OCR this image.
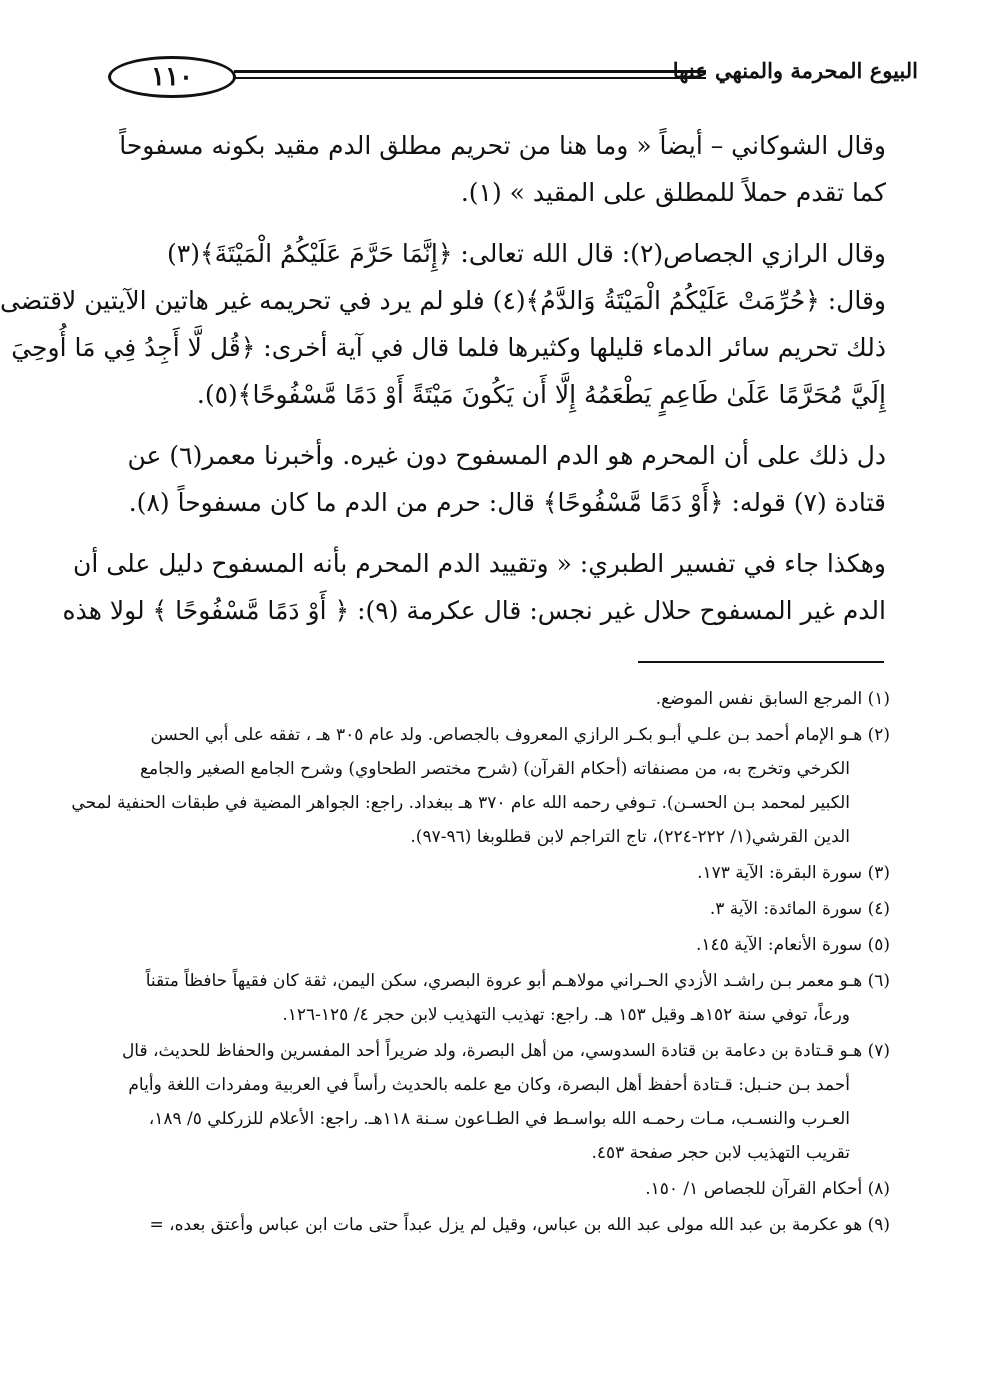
١١٠	البيوع المحرمة والمنهي عنها

وقال الشوكاني – أيضاً « وما هنا من تحريم مطلق الدم مقيد بكونه مسفوحاً
كما تقدم حملاً للمطلق على المقيد » (١).

وقال الرازي الجصاص(٢): قال الله تعالى: ﴿إِنَّمَا حَرَّمَ عَلَيْكُمُ الْمَيْتَةَ﴾(٣)
وقال: ﴿حُرِّمَتْ عَلَيْكُمُ الْمَيْتَةُ وَالدَّمُ﴾(٤) فلو لم يرد في تحريمه غير هاتين الآيتين لاقتضى
ذلك تحريم سائر الدماء قليلها وكثيرها فلما قال في آية أخرى: ﴿قُل لَّا أَجِدُ فِي مَا أُوحِيَ
إِلَيَّ مُحَرَّمًا عَلَىٰ طَاعِمٍ يَطْعَمُهُ إِلَّا أَن يَكُونَ مَيْتَةً أَوْ دَمًا مَّسْفُوحًا﴾(٥).

دل ذلك على أن المحرم هو الدم المسفوح دون غيره. وأخبرنا معمر(٦) عن
قتادة (٧) قوله: ﴿أَوْ دَمًا مَّسْفُوحًا﴾ قال: حرم من الدم ما كان مسفوحاً (٨).

وهكذا جاء في تفسير الطبري: « وتقييد الدم المحرم بأنه المسفوح دليل على أن
الدم غير المسفوح حلال غير نجس: قال عكرمة (٩): ﴿ أَوْ دَمًا مَّسْفُوحًا ﴾ لولا هذه

(١) المرجع السابق نفس الموضع.
(٢) هـو الإمام أحمد بـن علـي أبـو بكـر الرازي المعروف بالجصاص. ولد عام ٣٠٥ هـ ، تفقه على أبي الحسن
الكرخي وتخرج به، من مصنفاته (أحكام القرآن) (شرح مختصر الطحاوي) وشرح الجامع الصغير والجامع
الكبير لمحمد بـن الحسـن). تـوفي رحمه الله عام ٣٧٠ هـ ببغداد. راجع: الجواهر المضية في طبقات الحنفية لمحي
الدين القرشي(١/ ٢٢٢-٢٢٤)، تاج التراجم لابن قطلوبغا (٩٦-٩٧).
(٣) سورة البقرة: الآية ١٧٣.
(٤) سورة المائدة: الآية ٣.
(٥) سورة الأنعام: الآية ١٤٥.
(٦) هـو معمر بـن راشـد الأزدي الحـراني مولاهـم أبو عروة البصري، سكن اليمن، ثقة كان فقيهاً حافظاً متقناً
ورعاً، توفي سنة ١٥٢هـ وقيل ١٥٣ هـ. راجع: تهذيب التهذيب لابن حجر ٤/ ١٢٥-١٢٦.
(٧) هـو قـتادة بن دعامة بن قتادة السدوسي، من أهل البصرة، ولد ضريراً أحد المفسرين والحفاظ للحديث، قال
أحمد بـن حنـبل: قـتادة أحفظ أهل البصرة، وكان مع علمه بالحديث رأساً في العربية ومفردات اللغة وأيام
العـرب والنسـب، مـات رحمـه الله بواسـط في الطـاعون سـنة ١١٨هـ. راجع: الأعلام للزركلي ٥/ ١٨٩،
تقريب التهذيب لابن حجر صفحة ٤٥٣.
(٨) أحكام القرآن للجصاص ١/ ١٥٠.
(٩) هو عكرمة بن عبد الله مولى عبد الله بن عباس، وقيل لم يزل عبداً حتى مات ابن عباس وأعتق بعده، =
